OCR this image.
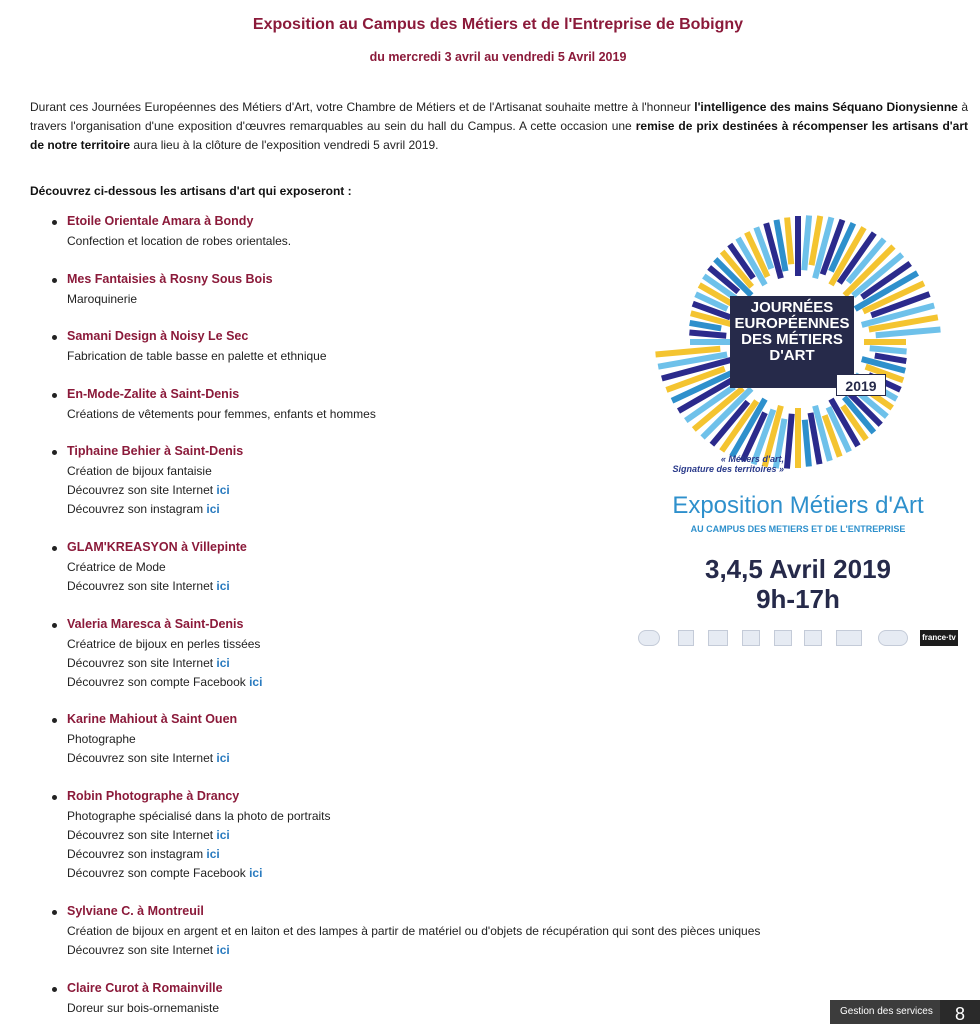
Exposition au Campus des Métiers et de l'Entreprise de Bobigny
du mercredi 3 avril au vendredi 5 Avril 2019
Durant ces Journées Européennes des Métiers d'Art, votre Chambre de Métiers et de l'Artisanat souhaite mettre à l'honneur l'intelligence des mains Séquano Dionysienne à travers l'organisation d'une exposition d'œuvres remarquables au sein du hall du Campus. A cette occasion une remise de prix destinées à récompenser les artisans d'art de notre territoire aura lieu à la clôture de l'exposition vendredi 5 avril 2019.
Découvrez ci-dessous les artisans d'art qui exposeront :
Etoile Orientale Amara à Bondy
Confection et location de robes orientales.
Mes Fantaisies à Rosny Sous Bois
Maroquinerie
Samani Design à Noisy Le Sec
Fabrication de table basse en palette et ethnique
En-Mode-Zalite à Saint-Denis
Créations de vêtements pour femmes, enfants et hommes
Tiphaine Behier à Saint-Denis
Création de bijoux fantaisie
Découvrez son site Internet ici
Découvrez son instagram ici
GLAM'KREASYON à Villepinte
Créatrice de Mode
Découvrez son site Internet ici
Valeria Maresca à Saint-Denis
Créatrice de bijoux en perles tissées
Découvrez son site Internet ici
Découvrez son compte Facebook ici
Karine Mahiout à Saint Ouen
Photographe
Découvrez son site Internet ici
Robin Photographe à Drancy
Photographe spécialisé dans la photo de portraits
Découvrez son site Internet ici
Découvrez son instagram ici
Découvrez son compte Facebook ici
Sylviane C. à Montreuil
Création de bijoux en argent et en laiton et des lampes à partir de matériel ou d'objets de récupération qui sont des pièces uniques
Découvrez son site Internet ici
Claire Curot à Romainville
Doreur sur bois-ornemaniste
JOURNÉES
EUROPÉENNES
DES MÉTIERS
D'ART
2019
« Métiers d'art,
Signature des territoires »
Exposition Métiers d'Art
AU CAMPUS DES METIERS ET DE L'ENTREPRISE
3,4,5 Avril 2019
9h-17h
france·tv
Gestion des services	8
